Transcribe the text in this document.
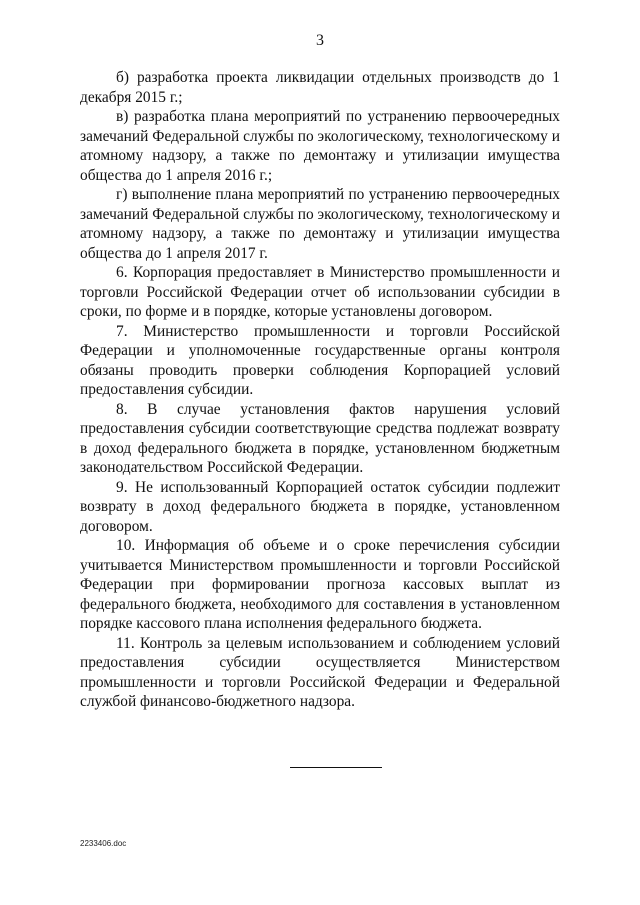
3

б) разработка проекта ликвидации отдельных производств до 1 декабря 2015 г.;

в) разработка плана мероприятий по устранению первоочередных замечаний Федеральной службы по экологическому, технологическому и атомному надзору, а также по демонтажу и утилизации имущества общества до 1 апреля 2016 г.;

г) выполнение плана мероприятий по устранению первоочередных замечаний Федеральной службы по экологическому, технологическому и атомному надзору, а также по демонтажу и утилизации имущества общества до 1 апреля 2017 г.

6. Корпорация предоставляет в Министерство промышленности и торговли Российской Федерации отчет об использовании субсидии в сроки, по форме и в порядке, которые установлены договором.

7. Министерство промышленности и торговли Российской Федерации и уполномоченные государственные органы контроля обязаны проводить проверки соблюдения Корпорацией условий предоставления субсидии.

8. В случае установления фактов нарушения условий предоставления субсидии соответствующие средства подлежат возврату в доход федерального бюджета в порядке, установленном бюджетным законодательством Российской Федерации.

9. Не использованный Корпорацией остаток субсидии подлежит возврату в доход федерального бюджета в порядке, установленном договором.

10. Информация об объеме и о сроке перечисления субсидии учитывается Министерством промышленности и торговли Российской Федерации при формировании прогноза кассовых выплат из федерального бюджета, необходимого для составления в установленном порядке кассового плана исполнения федерального бюджета.

11. Контроль за целевым использованием и соблюдением условий предоставления субсидии осуществляется Министерством промышленности и торговли Российской Федерации и Федеральной службой финансово-бюджетного надзора.

2233406.doc
